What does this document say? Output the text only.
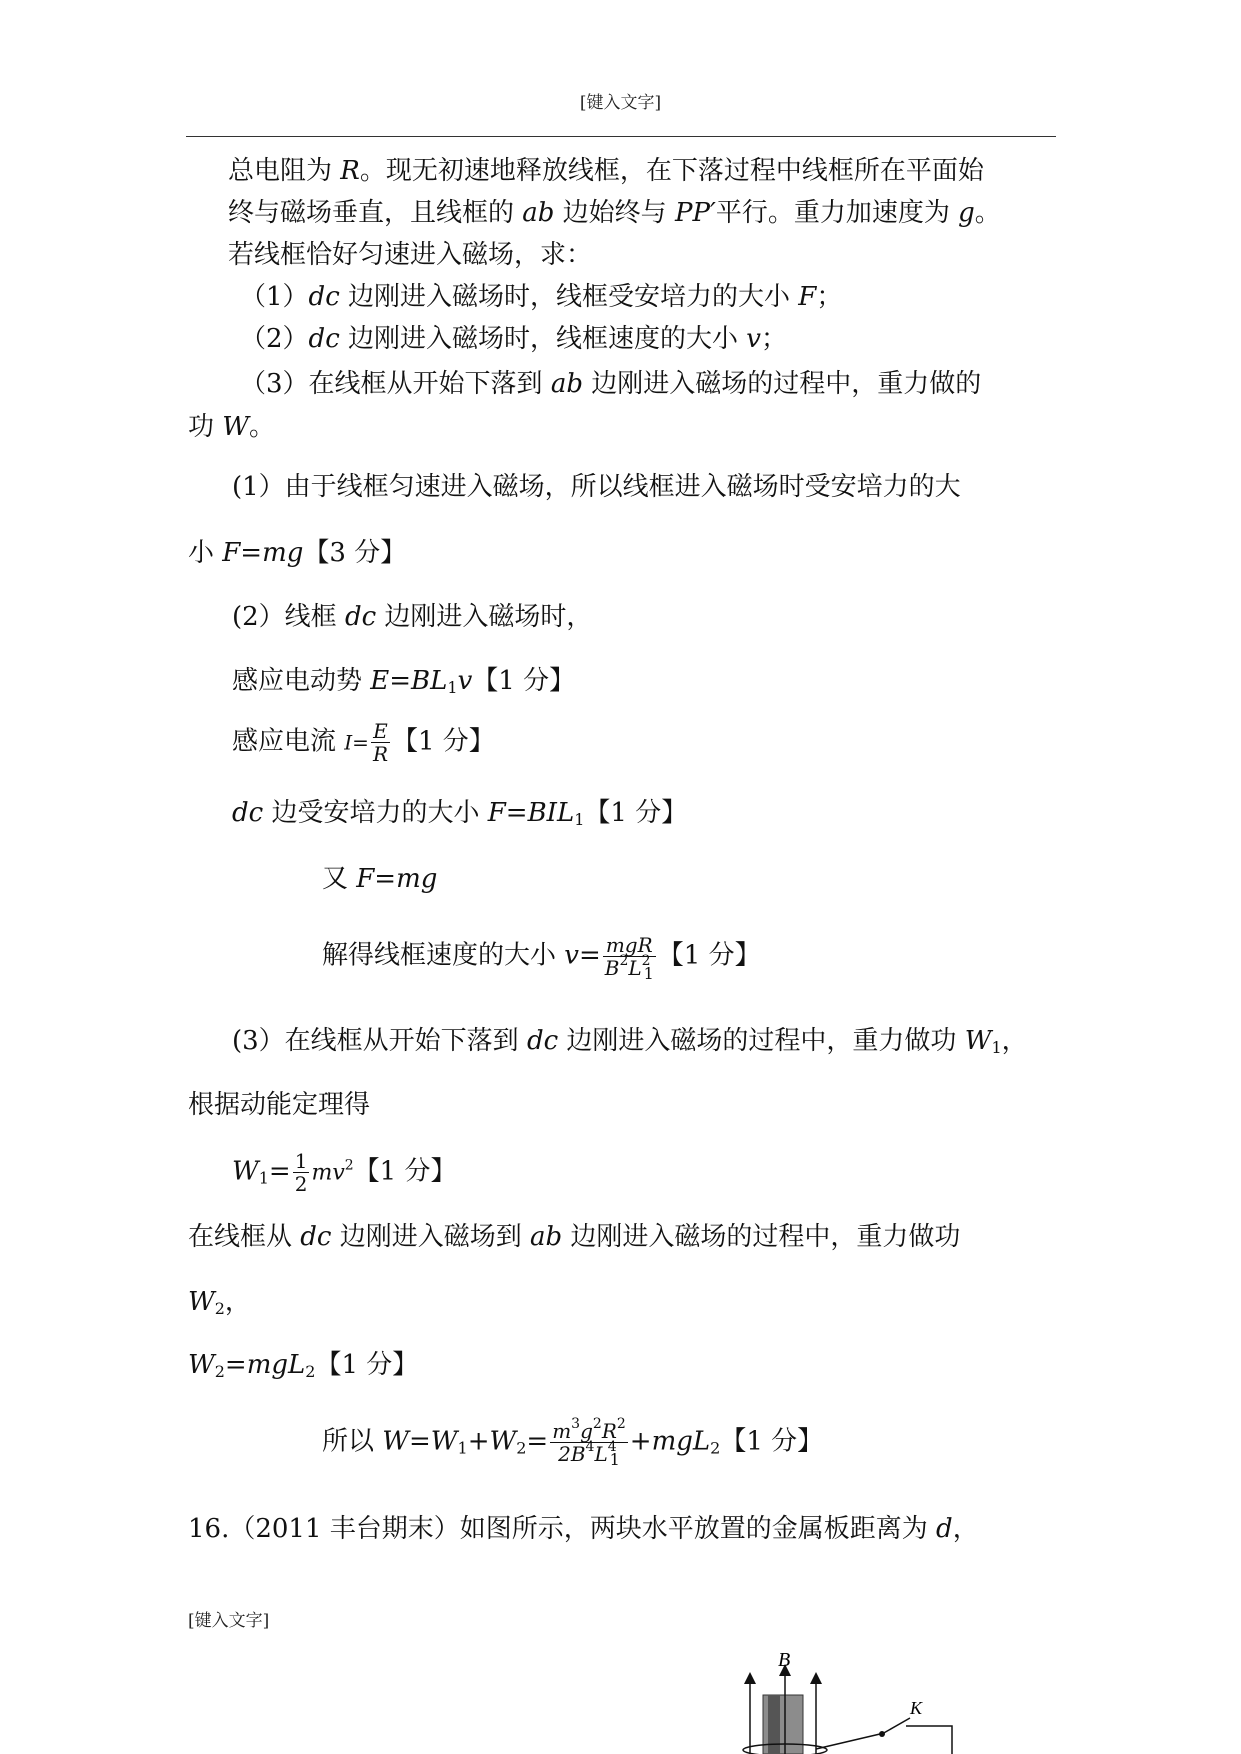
[键入文字]
总电阻为 R。现无初速地释放线框，在下落过程中线框所在平面始
终与磁场垂直，且线框的 ab 边始终与 PP′平行。重力加速度为 g。
若线框恰好匀速进入磁场，求：
（1）dc 边刚进入磁场时，线框受安培力的大小 F；
（2）dc 边刚进入磁场时，线框速度的大小 v；
（3）在线框从开始下落到 ab 边刚进入磁场的过程中，重力做的
功 W。
(1）由于线框匀速进入磁场，所以线框进入磁场时受安培力的大
小 F=mg【3 分】
(2）线框 dc 边刚进入磁场时，
感应电动势 $E=BL_1v$【1 分】
感应电流 $I= \frac{E}{R}$ 【1 分】
dc 边受安培力的大小 $F=BIL_1$【1 分】
又 F=mg
解得线框速度的大小 $v= \frac{\text{mgR}}{B^2L^2_1}$ 【1 分】
(3）在线框从开始下落到 dc 边刚进入磁场的过程中，重力做功 $W_1$，
根据动能定理得
$W_1= \frac{1}{2} mv^2$【1 分】
在线框从 dc 边刚进入磁场到 ab 边刚进入磁场的过程中，重力做功
$W_2$，
$W_2=mgL_2$【1 分】
所以 $W=W_1+W_2= \frac{m^3g^2R^2}{2B^4L^4_1} +mgL_2$【1 分】
16.（2011 丰台期末）如图所示，两块水平放置的金属板距离为 d，
[键入文字]
B
K
